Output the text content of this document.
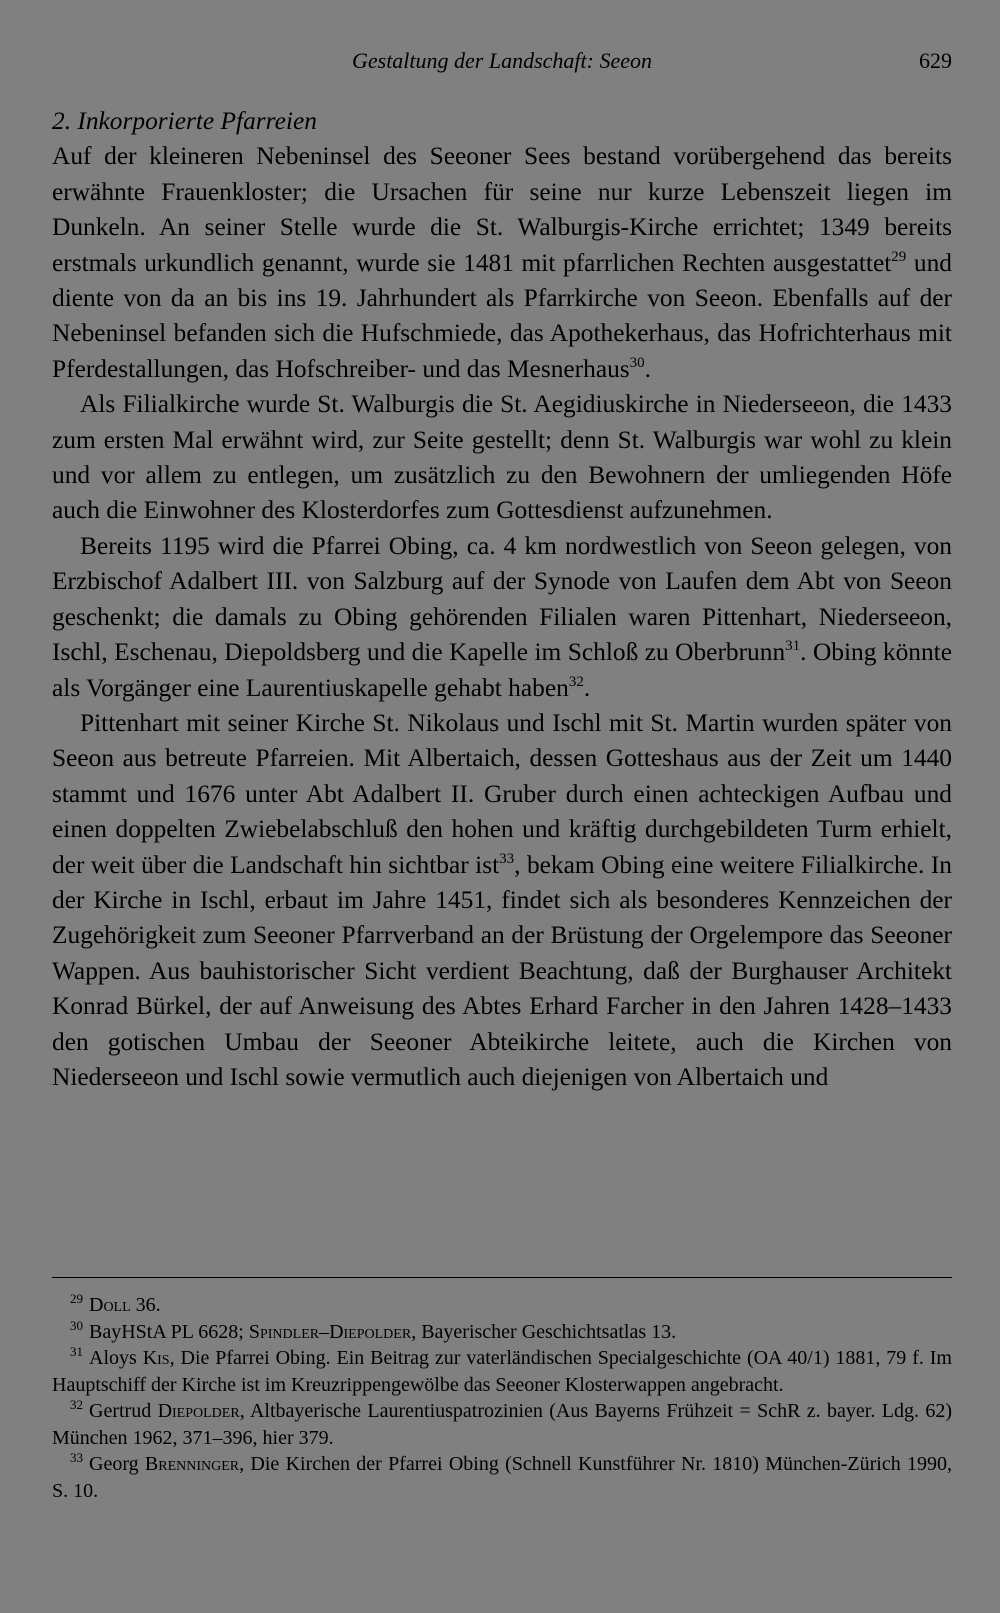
Gestaltung der Landschaft: Seeon	629

2. Inkorporierte Pfarreien

Auf der kleineren Nebeninsel des Seeoner Sees bestand vorübergehend das bereits erwähnte Frauenkloster; die Ursachen für seine nur kurze Lebenszeit liegen im Dunkeln. An seiner Stelle wurde die St. Walburgis-Kirche errichtet; 1349 bereits erstmals urkundlich genannt, wurde sie 1481 mit pfarrlichen Rechten ausgestattet$^{29}$ und diente von da an bis ins 19. Jahrhundert als Pfarrkirche von Seeon. Ebenfalls auf der Nebeninsel befanden sich die Hufschmiede, das Apothekerhaus, das Hofrichterhaus mit Pferdestallungen, das Hofschreiber- und das Mesnerhaus$^{30}$.

Als Filialkirche wurde St. Walburgis die St. Aegidiuskirche in Niederseeon, die 1433 zum ersten Mal erwähnt wird, zur Seite gestellt; denn St. Walburgis war wohl zu klein und vor allem zu entlegen, um zusätzlich zu den Bewohnern der umliegenden Höfe auch die Einwohner des Klosterdorfes zum Gottesdienst aufzunehmen.

Bereits 1195 wird die Pfarrei Obing, ca. 4 km nordwestlich von Seeon gelegen, von Erzbischof Adalbert III. von Salzburg auf der Synode von Laufen dem Abt von Seeon geschenkt; die damals zu Obing gehörenden Filialen waren Pittenhart, Niederseeon, Ischl, Eschenau, Diepoldsberg und die Kapelle im Schloß zu Oberbrunn$^{31}$. Obing könnte als Vorgänger eine Laurentiuskapelle gehabt haben$^{32}$.

Pittenhart mit seiner Kirche St. Nikolaus und Ischl mit St. Martin wurden später von Seeon aus betreute Pfarreien. Mit Albertaich, dessen Gotteshaus aus der Zeit um 1440 stammt und 1676 unter Abt Adalbert II. Gruber durch einen achteckigen Aufbau und einen doppelten Zwiebelabschluß den hohen und kräftig durchgebildeten Turm erhielt, der weit über die Landschaft hin sichtbar ist$^{33}$, bekam Obing eine weitere Filialkirche. In der Kirche in Ischl, erbaut im Jahre 1451, findet sich als besonderes Kennzeichen der Zugehörigkeit zum Seeoner Pfarrverband an der Brüstung der Orgelempore das Seeoner Wappen. Aus bauhistorischer Sicht verdient Beachtung, daß der Burghauser Architekt Konrad Bürkel, der auf Anweisung des Abtes Erhard Farcher in den Jahren 1428–1433 den gotischen Umbau der Seeoner Abteikirche leitete, auch die Kirchen von Niederseeon und Ischl sowie vermutlich auch diejenigen von Albertaich und

$^{29}$ Doll 36.

$^{30}$ BayHStA PL 6628; Spindler–Diepolder, Bayerischer Geschichtsatlas 13.

$^{31}$ Aloys Kis, Die Pfarrei Obing. Ein Beitrag zur vaterländischen Specialgeschichte (OA 40/1) 1881, 79 f. Im Hauptschiff der Kirche ist im Kreuzrippengewölbe das Seeoner Klosterwappen angebracht.

$^{32}$ Gertrud Diepolder, Altbayerische Laurentiuspatrozinien (Aus Bayerns Frühzeit = SchR z. bayer. Ldg. 62) München 1962, 371–396, hier 379.

$^{33}$ Georg Brenninger, Die Kirchen der Pfarrei Obing (Schnell Kunstführer Nr. 1810) München-Zürich 1990, S. 10.
